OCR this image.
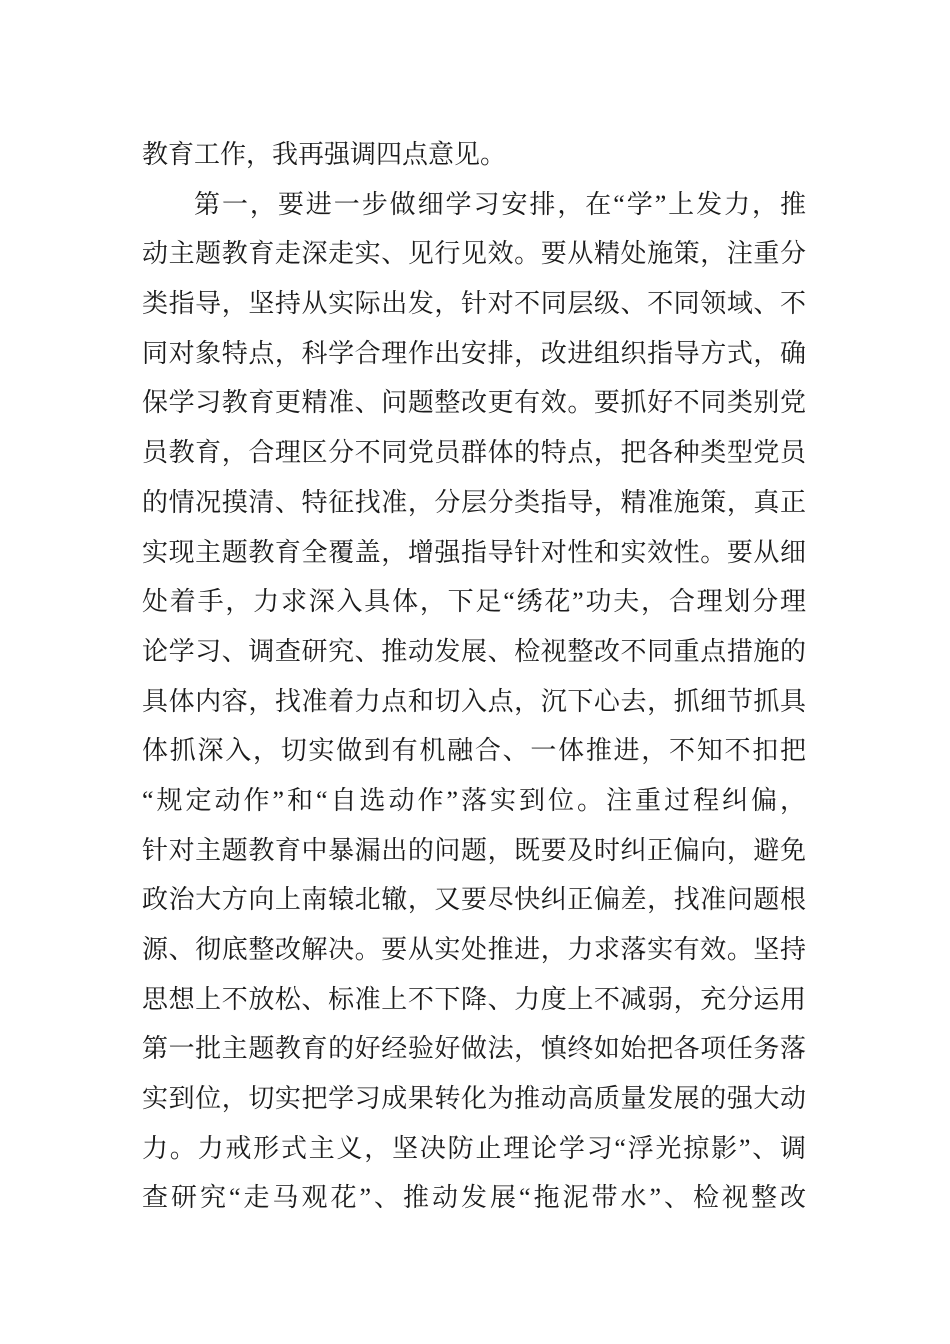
教育工作，我再强调四点意见。
第一，要进一步做细学习安排，在“学”上发力，推
动主题教育走深走实、见行见效。要从精处施策，注重分
类指导，坚持从实际出发，针对不同层级、不同领域、不
同对象特点，科学合理作出安排，改进组织指导方式，确
保学习教育更精准、问题整改更有效。要抓好不同类别党
员教育，合理区分不同党员群体的特点，把各种类型党员
的情况摸清、特征找准，分层分类指导，精准施策，真正
实现主题教育全覆盖，增强指导针对性和实效性。要从细
处着手，力求深入具体，下足“绣花”功夫，合理划分理
论学习、调查研究、推动发展、检视整改不同重点措施的
具体内容，找准着力点和切入点，沉下心去，抓细节抓具
体抓深入，切实做到有机融合、一体推进，不知不扣把
“规定动作”和“自选动作”落实到位。注重过程纠偏，
针对主题教育中暴漏出的问题，既要及时纠正偏向，避免
政治大方向上南辕北辙，又要尽快纠正偏差，找准问题根
源、彻底整改解决。要从实处推进，力求落实有效。坚持
思想上不放松、标准上不下降、力度上不减弱，充分运用
第一批主题教育的好经验好做法，慎终如始把各项任务落
实到位，切实把学习成果转化为推动高质量发展的强大动
力。力戒形式主义，坚决防止理论学习“浮光掠影”、调
查研究“走马观花”、推动发展“拖泥带水”、检视整改
